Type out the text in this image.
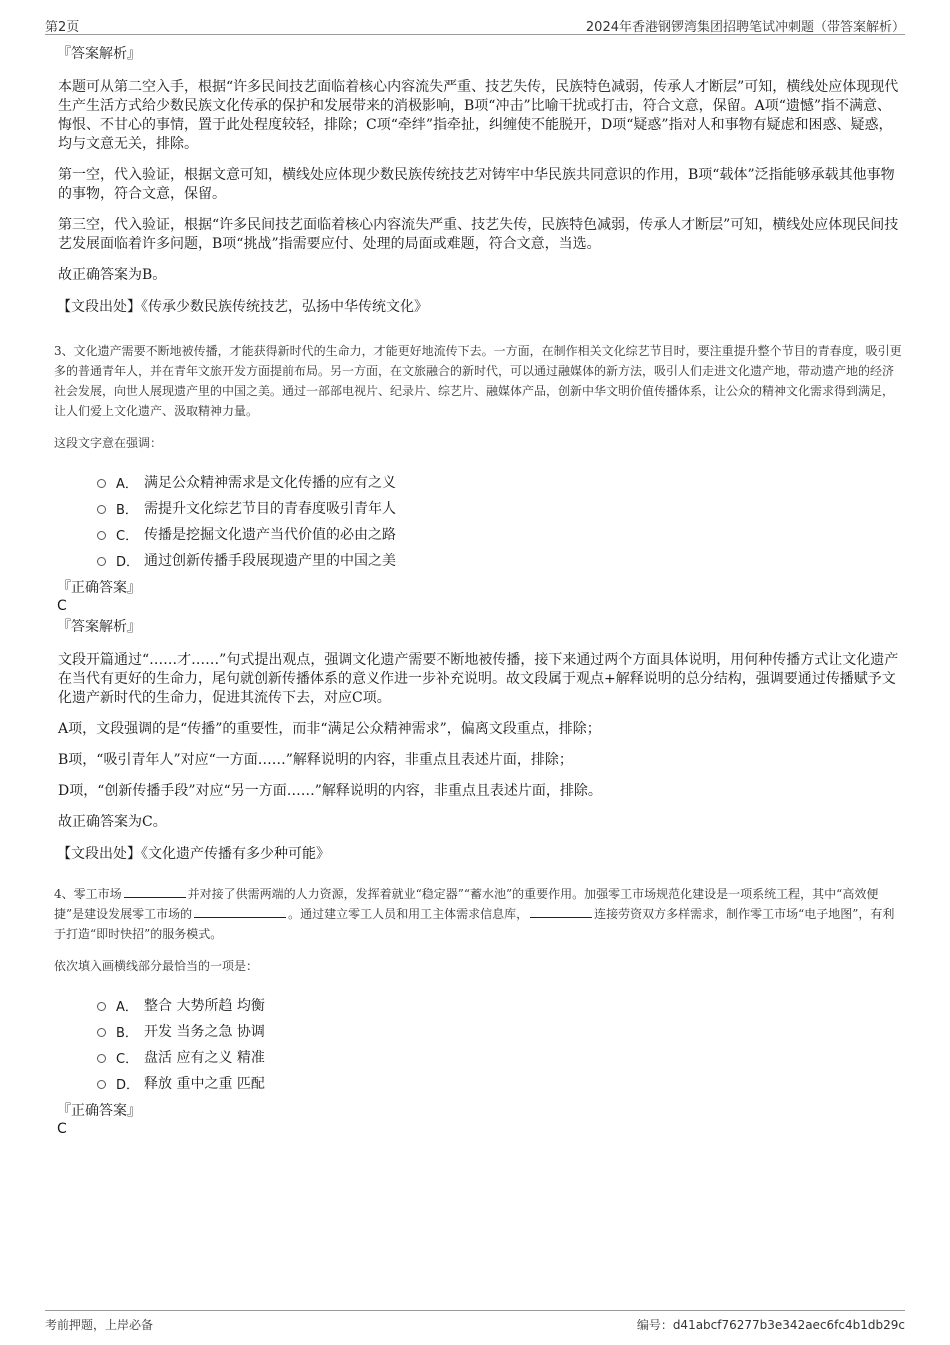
第2页	2024年香港钢锣湾集团招聘笔试冲刺题（带答案解析）
『答案解析』

本题可从第二空入手，根据“许多民间技艺面临着核心内容流失严重、技艺失传，民族特色减弱，传承人才断层”可知，横线处应体现现代生产生活方式给少数民族文化传承的保护和发展带来的消极影响，B项“冲击”比喻干扰或打击，符合文意，保留。A项“遗憾”指不满意、悔恨、不甘心的事情，置于此处程度较轻，排除；C项“牵绊”指牵扯，纠缠使不能脱开，D项“疑惑”指对人和事物有疑虑和困惑、疑惑，均与文意无关，排除。

第一空，代入验证，根据文意可知，横线处应体现少数民族传统技艺对铸牢中华民族共同意识的作用，B项“载体”泛指能够承载其他事物的事物，符合文意，保留。

第三空，代入验证，根据“许多民间技艺面临着核心内容流失严重、技艺失传，民族特色减弱，传承人才断层”可知，横线处应体现民间技艺发展面临着许多问题，B项“挑战”指需要应付、处理的局面或难题，符合文意，当选。

故正确答案为B。

【文段出处】《传承少数民族传统技艺，弘扬中华传统文化》
3、文化遗产需要不断地被传播，才能获得新时代的生命力，才能更好地流传下去。一方面，在制作相关文化综艺节目时，要注重提升整个节目的青春度，吸引更多的普通青年人，并在青年文旅开发方面提前布局。另一方面，在文旅融合的新时代，可以通过融媒体的新方法，吸引人们走进文化遗产地，带动遗产地的经济社会发展，向世人展现遗产里的中国之美。通过一部部电视片、纪录片、综艺片、融媒体产品，创新中华文明价值传播体系，让公众的精神文化需求得到满足，让人们爱上文化遗产、汲取精神力量。
这段文字意在强调：
A． 满足公众精神需求是文化传播的应有之义
B． 需提升文化综艺节目的青春度吸引青年人
C． 传播是挖掘文化遗产当代价值的必由之路
D． 通过创新传播手段展现遗产里的中国之美
『正确答案』
C
『答案解析』

文段开篇通过“……才……”句式提出观点，强调文化遗产需要不断地被传播，接下来通过两个方面具体说明，用何种传播方式让文化遗产在当代有更好的生命力，尾句就创新传播体系的意义作进一步补充说明。故文段属于观点+解释说明的总分结构，强调要通过传播赋予文化遗产新时代的生命力，促进其流传下去，对应C项。

A项，文段强调的是“传播”的重要性，而非“满足公众精神需求”，偏离文段重点，排除；

B项，“吸引青年人”对应“一方面……”解释说明的内容，非重点且表述片面，排除；

D项，“创新传播手段”对应“另一方面……”解释说明的内容，非重点且表述片面，排除。

故正确答案为C。

【文段出处】《文化遗产传播有多少种可能》
4、零工市场	并对接了供需两端的人力资源，发挥着就业“稳定器”“蓄水池”的重要作用。加强零工市场规范化建设是一项系统工程，其中“高效便捷”是建设发展零工市场的	。通过建立零工人员和用工主体需求信息库，	连接劳资双方多样需求，制作零工市场“电子地图”，有利于打造“即时快招”的服务模式。
依次填入画横线部分最恰当的一项是：
A． 整合 大势所趋 均衡
B． 开发 当务之急 协调
C． 盘活 应有之义 精准
D． 释放 重中之重 匹配
『正确答案』
C
考前押题，上岸必备	编号：d41abcf76277b3e342aec6fc4b1db29c
